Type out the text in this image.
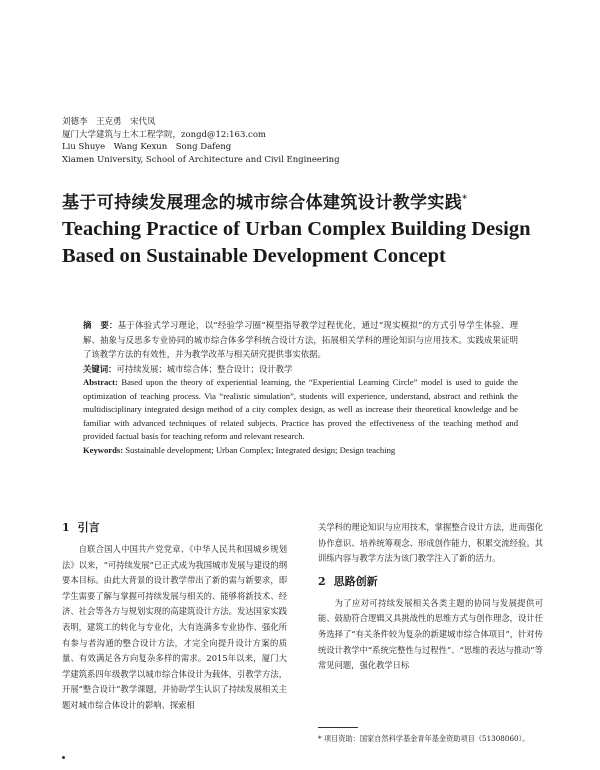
刘德李　王克勇　宋代凤
厦门大学建筑与土木工程学院，zongd@12:163.com
Liu Shuye　Wang Kexun　Song Dafeng
Xiamen University, School of Architecture and Civil Engineering
基于可持续发展理念的城市综合体建筑设计教学实践*
Teaching Practice of Urban Complex Building Design
Based on Sustainable Development Concept

摘　要：基于体验式学习理论，以“经验学习圈”模型指导教学过程优化，通过“现实模拟”的方式引导学生体验、理解、抽象与反思多专业协同的城市综合体多学科统合设计方法，拓展相关学科的理论知识与应用技术。实践成果证明了该教学方法的有效性，并为教学改革与相关研究提供事实依据。

关键词：可持续发展；城市综合体；整合设计；设计教学

Abstract: Based upon the theory of experiential learning, the “Experiential Learning Circle” model is used to guide the optimization of teaching process. Via “realistic simulation”, students will experience, understand, abstract and rethink the multidisciplinary integrated design method of a city complex design, as well as increase their theoretical knowledge and be familiar with advanced techniques of related subjects. Practice has proved the effectiveness of the teaching method and provided factual basis for teaching reform and relevant research.

Keywords: Sustainable development; Urban Complex; Integrated design; Design teaching

1 引言

自联合国人中国共产党党章、《中华人民共和国城乡规划法》以来，“可持续发展”已正式成为我国城市发展与建设的纲要本目标。由此大背景的设计教学带出了新的需与新要求，即学生需要了解与掌握可持续发展与相关的、能够将新技术、经济、社会等各方与规划实现的高建筑设计方法。发达国家实践表明，建筑工的转化与专业化，大有连满多专业协作、强化所有参与者沟通的整合设计方法，才完全向提升设计方案的质量、有效满足各方向复杂多样的需求。2015年以来，厦门大学建筑系四年级教学以城市综合体设计为载体，引教学方法，开展“整合设计”教学课题，并协助学生认识了持续发展相关主题对城市综合体设计的影响、探索相

关学科的理论知识与应用技术，掌握整合设计方法，进而强化协作意识、培养统筹观念、形成创作能力，积累交流经验。其训练内容与教学方法为该门教学注入了新的活力。

2 思路创新

为了应对可持续发展相关各类主题的协同与发展提供可能、鼓励符合逻辑又具挑战性的思维方式与创作理念，设计任务选择了“有关条件较为复杂的新建城市综合体项目”，针对传统设计教学中“系统完整性与过程性”、“思维的表达与推动”等常见问题，强化教学日标

* 项目资助：国家自然科学基金青年基金资助项目（51308060）。
